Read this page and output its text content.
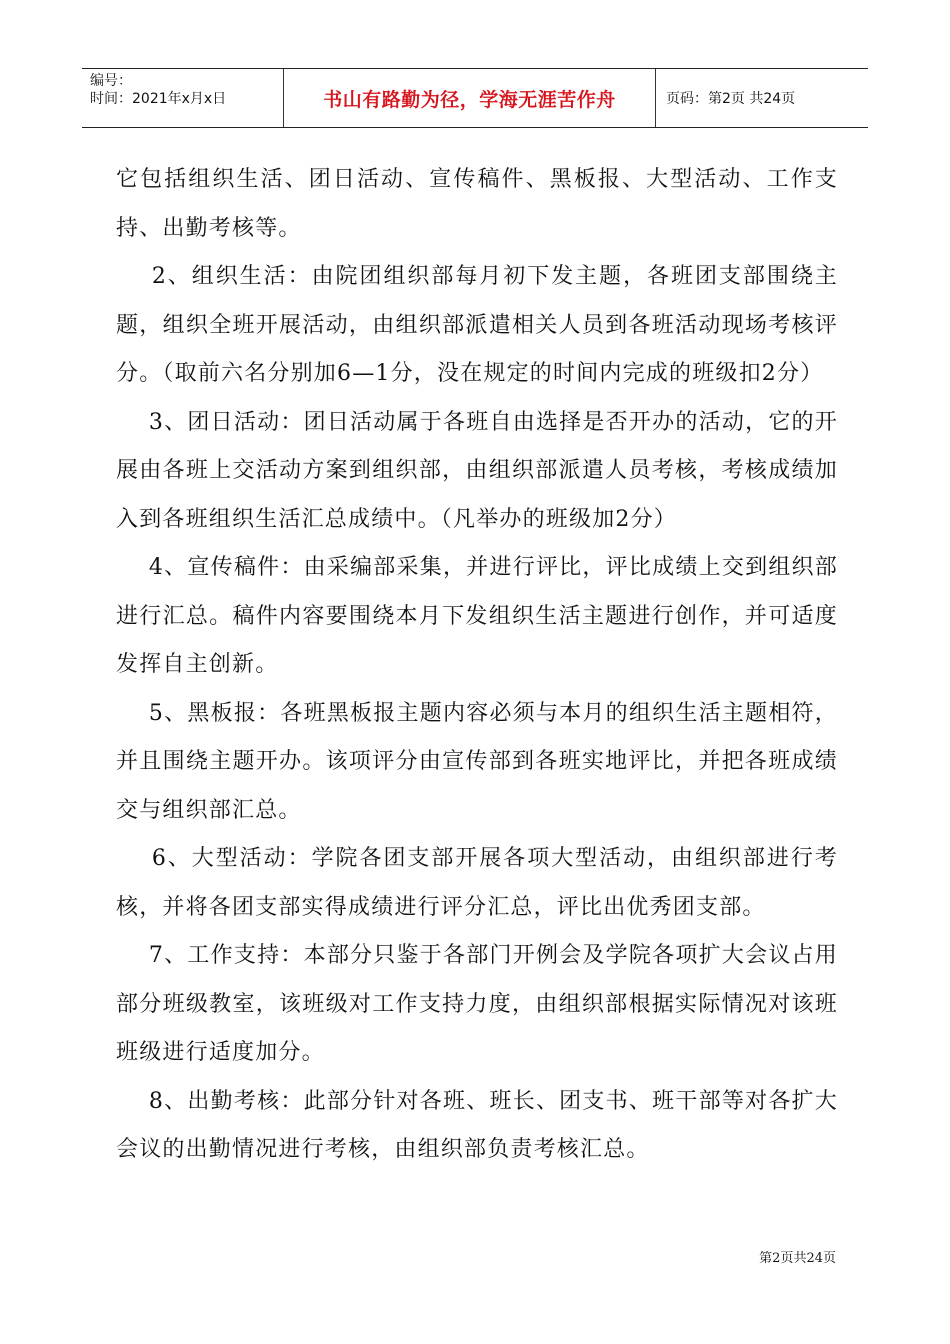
编号：
时间：2021年x月x日	书山有路勤为径，学海无涯苦作舟	页码：第2页 共24页

它包括组织生活、团日活动、宣传稿件、黑板报、大型活动、工作支持、出勤考核等。

2、组织生活：由院团组织部每月初下发主题，各班团支部围绕主题，组织全班开展活动，由组织部派遣相关人员到各班活动现场考核评分。（取前六名分别加6—1分，没在规定的时间内完成的班级扣2分）

3、团日活动：团日活动属于各班自由选择是否开办的活动，它的开展由各班上交活动方案到组织部，由组织部派遣人员考核，考核成绩加入到各班组织生活汇总成绩中。（凡举办的班级加2分）

4、宣传稿件：由采编部采集，并进行评比，评比成绩上交到组织部进行汇总。稿件内容要围绕本月下发组织生活主题进行创作，并可适度发挥自主创新。

5、黑板报：各班黑板报主题内容必须与本月的组织生活主题相符，并且围绕主题开办。该项评分由宣传部到各班实地评比，并把各班成绩交与组织部汇总。

6、大型活动：学院各团支部开展各项大型活动，由组织部进行考核，并将各团支部实得成绩进行评分汇总，评比出优秀团支部。

7、工作支持：本部分只鉴于各部门开例会及学院各项扩大会议占用部分班级教室，该班级对工作支持力度，由组织部根据实际情况对该班班级进行适度加分。

8、出勤考核：此部分针对各班、班长、团支书、班干部等对各扩大会议的出勤情况进行考核，由组织部负责考核汇总。

第2页共24页
